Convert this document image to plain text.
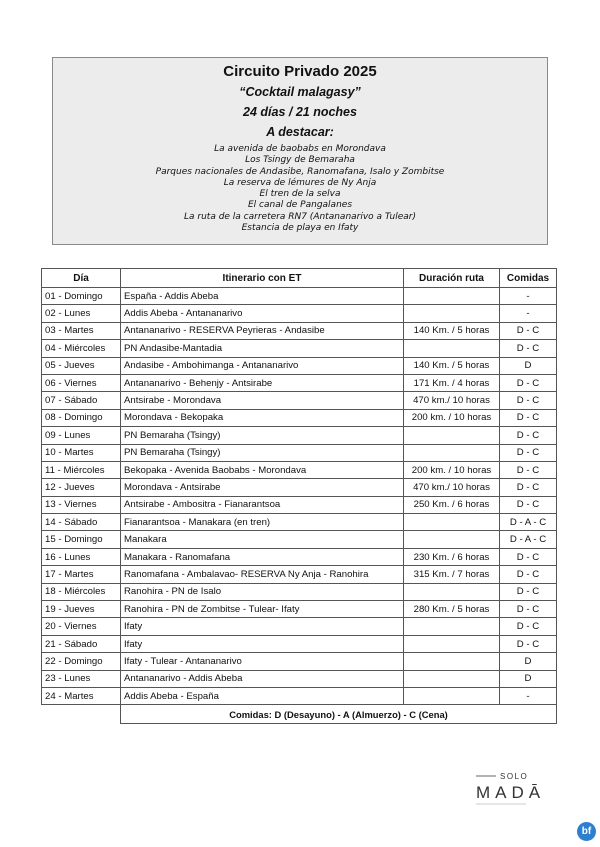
Circuito Privado 2025
“Cocktail malagasy”
24 días / 21 noches
A destacar:
La avenida de baobabs en Morondava
Los Tsingy de Bemaraha
Parques nacionales de Andasibe, Ranomafana, Isalo y Zombitse
La reserva de lémures de Ny Anja
El tren de la selva
El canal de Pangalanes
La ruta de la carretera RN7 (Antananarivo a Tulear)
Estancia de playa en Ifaty
Día	Itinerario con ET	Duración ruta	Comidas
01 - Domingo	España - Addis Abeba		-
02 - Lunes	Addis Abeba - Antananarivo		-
03 - Martes	Antananarivo - RESERVA Peyrieras - Andasibe	140 Km. / 5 horas	D - C
04 - Miércoles	PN Andasibe-Mantadia		D - C
05 - Jueves	Andasibe - Ambohimanga - Antananarivo	140 Km. / 5 horas	D
06 - Viernes	Antananarivo - Behenjy - Antsirabe	171 Km. / 4 horas	D - C
07 - Sábado	Antsirabe - Morondava	470 km./ 10 horas	D - C
08 - Domingo	Morondava - Bekopaka	200 km. / 10 horas	D - C
09 - Lunes	PN Bemaraha (Tsingy)		D - C
10 - Martes	PN Bemaraha (Tsingy)		D - C
11 - Miércoles	Bekopaka - Avenida Baobabs - Morondava	200 km. / 10 horas	D - C
12 - Jueves	Morondava - Antsirabe	470 km./ 10 horas	D - C
13 - Viernes	Antsirabe - Ambositra - Fianarantsoa	250 Km. / 6 horas	D - C
14 - Sábado	Fianarantsoa - Manakara (en tren)		D - A - C
15 - Domingo	Manakara		D - A - C
16 - Lunes	Manakara - Ranomafana	230 Km. / 6 horas	D - C
17 - Martes	Ranomafana - Ambalavao- RESERVA Ny Anja - Ranohira	315 Km. / 7 horas	D - C
18 - Miércoles	Ranohira - PN de Isalo		D - C
19 - Jueves	Ranohira - PN de Zombitse - Tulear- Ifaty	280 Km. / 5 horas	D - C
20 - Viernes	Ifaty		D - C
21 - Sábado	Ifaty		D - C
22 - Domingo	Ifaty - Tulear - Antananarivo		D
23 - Lunes	Antananarivo - Addis Abeba		D
24 - Martes	Addis Abeba - España		-
	Comidas: D (Desayuno) - A (Almuerzo) - C (Cena)		
SOLO
MADĀ
bf
